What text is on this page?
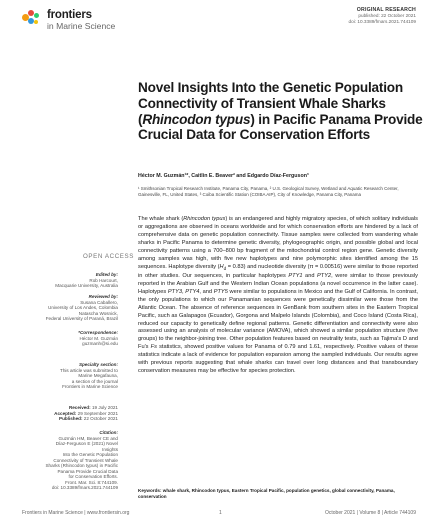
frontiers
in Marine Science
ORIGINAL RESEARCH
published: 22 October 2021
doi: 10.3389/fmars.2021.744109
Novel Insights Into the Genetic Population Connectivity of Transient Whale Sharks (Rhincodon typus) in Pacific Panama Provide Crucial Data for Conservation Efforts
Héctor M. Guzmán¹*, Caitlin E. Beaver² and Edgardo Díaz-Ferguson³
¹ Smithsonian Tropical Research Institute, Panama City, Panama, ² U.S. Geological Survey, Wetland and Aquatic Research Center, Gainesville, FL, United States, ³ Coiba Scientific Station (COIBA AIP), City of Knowledge, Panama City, Panama
The whale shark (Rhincodon typus) is an endangered and highly migratory species, of which solitary individuals or aggregations are observed in oceans worldwide and for which conservation efforts are hindered by a lack of comprehensive data on genetic population connectivity. Tissue samples were collected from wandering whale sharks in Pacific Panama to determine genetic diversity, phylogeographic origin, and possible global and local connectivity patterns using a 700–800 bp fragment of the mitochondrial control region gene. Genetic diversity among samples was high, with five new haplotypes and nine polymorphic sites identified among the 15 sequences. Haplotype diversity $(H_d = 0.83)$ and nucleotide diversity (π = 0.00516) were similar to those reported in other studies. Our sequences, in particular haplotypes PTY1 and PTY2, were similar to those previously reported in the Arabian Gulf and the Western Indian Ocean populations (a novel occurrence in the latter case). Haplotypes PTY3, PTY4, and PTY5 were similar to populations in Mexico and the Gulf of California. In contrast, the only populations to which our Panamanian sequences were genetically dissimilar were those from the Atlantic Ocean. The absence of reference sequences in GenBank from southern sites in the Eastern Tropical Pacific, such as Galapagos (Ecuador), Gorgona and Malpelo Islands (Colombia), and Coco Island (Costa Rica), reduced our capacity to genetically define regional patterns. Genetic differentiation and connectivity were also assessed using an analysis of molecular variance (AMOVA), which showed a similar population structure (five groups) to the neighbor-joining tree. Other population features based on neutrality tests, such as Tajima's D and Fu's Fs statistics, showed positive values for Panama of 0.79 and 1.61, respectively. Positive values of these statistics indicate a lack of evidence for population expansion among the sampled individuals. Our results agree with previous reports suggesting that whale sharks can travel over long distances and that transboundary conservation measures may be effective for species protection.
Keywords: whale shark, Rhincodon typus, Eastern Tropical Pacific, population genetics, global connectivity, Panama, conservation
OPEN ACCESS
Edited by:
Rob Harcourt,
Macquarie University, Australia
Reviewed by:
Susana Caballero,
University of Los Andes, Colombia
Natascha Wosnick,
Federal University of Paraná, Brazil
*Correspondence:
Héctor M. Guzmán
guzmanh@si.edu
Specialty section:
This article was submitted to
Marine Megafauna,
a section of the journal
Frontiers in Marine Science
Received: 19 July 2021
Accepted: 29 September 2021
Published: 22 October 2021
Citation:
Guzmán HM, Beaver CE and
Díaz-Ferguson E (2021) Novel Insights
Into the Genetic Population
Connectivity of Transient Whale
Sharks (Rhincodon typus) in Pacific
Panama Provide Crucial Data
for Conservation Efforts.
Front. Mar. Sci. 8:744109.
doi: 10.3389/fmars.2021.744109
Frontiers in Marine Science | www.frontiersin.org	1	October 2021 | Volume 8 | Article 744109
